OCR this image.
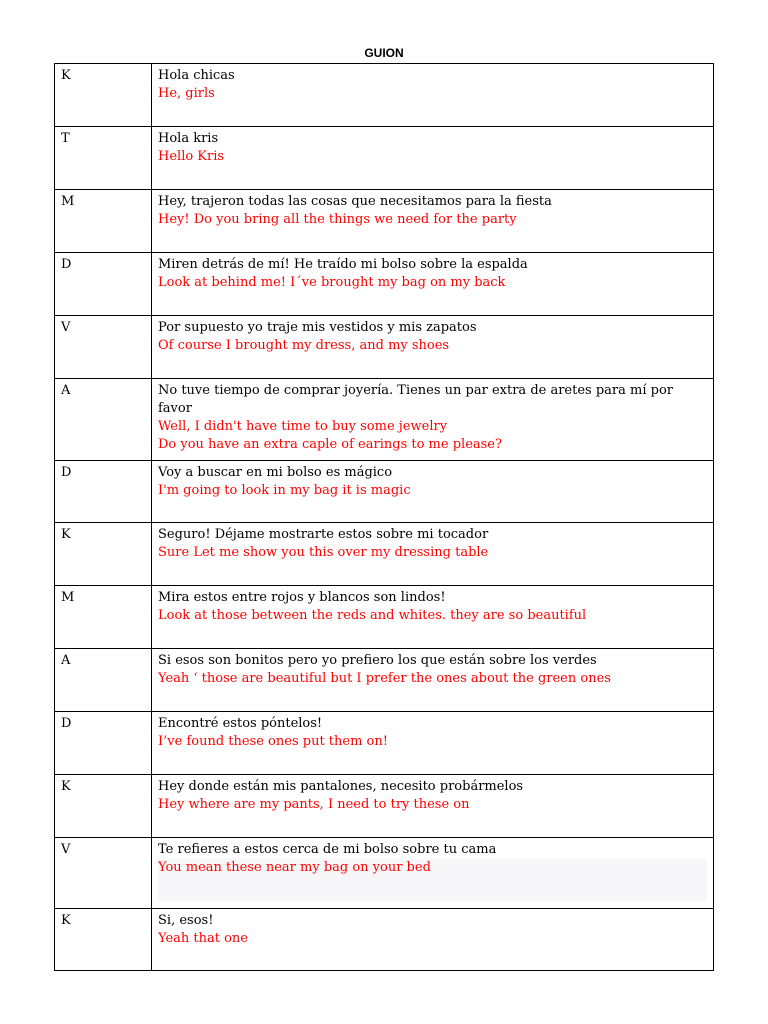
GUION
K	Hola chicas
He, girls

T	Hola kris
Hello Kris

M	Hey, trajeron todas las cosas que necesitamos para la fiesta
Hey! Do you bring all the things we need for the party

D	Miren detrás de mí! He traído mi bolso sobre la espalda
Look at behind me! I´ve brought my bag on my back

V	Por supuesto yo traje mis vestidos y mis zapatos
Of course I brought my dress, and my shoes

A	No tuve tiempo de comprar joyería. Tienes un par extra de aretes para mí por favor
Well, I didn't have time to buy some jewelry
Do you have an extra caple of earings to me please?

D	Voy a buscar en mi bolso es mágico
I'm going to look in my bag it is magic

K	Seguro! Déjame mostrarte estos sobre mi tocador
Sure Let me show you this over my dressing table

M	Mira estos entre rojos y blancos son lindos!
Look at those between the reds and whites. they are so beautiful

A	Si esos son bonitos pero yo prefiero los que están sobre los verdes
Yeah ‘ those are beautiful but I prefer the ones about the green ones

D	Encontré estos póntelos!
I’ve found these ones put them on!

K	Hey donde están mis pantalones, necesito probármelos
Hey where are my pants, I need to try these on

V	Te refieres a estos cerca de mi bolso sobre tu cama
You mean these near my bag on your bed

K	Si, esos!
Yeah that one
